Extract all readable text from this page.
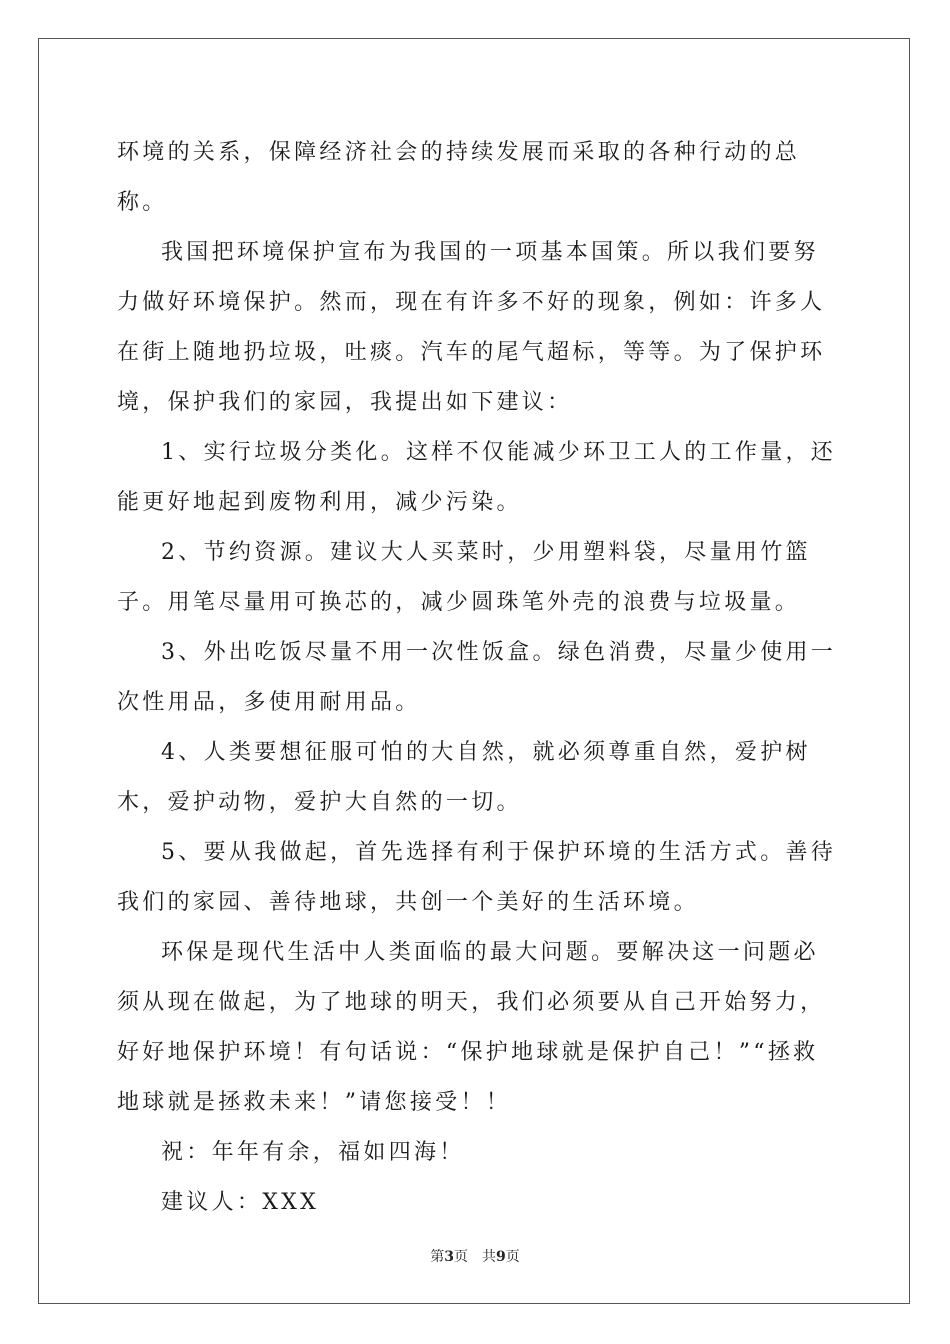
环境的关系，保障经济社会的持续发展而采取的各种行动的总称。

我国把环境保护宣布为我国的一项基本国策。所以我们要努力做好环境保护。然而，现在有许多不好的现象，例如：许多人在街上随地扔垃圾，吐痰。汽车的尾气超标，等等。为了保护环境，保护我们的家园，我提出如下建议：

1、实行垃圾分类化。这样不仅能减少环卫工人的工作量，还能更好地起到废物利用，减少污染。

2、节约资源。建议大人买菜时，少用塑料袋，尽量用竹篮子。用笔尽量用可换芯的，减少圆珠笔外壳的浪费与垃圾量。

3、外出吃饭尽量不用一次性饭盒。绿色消费，尽量少使用一次性用品，多使用耐用品。

4、人类要想征服可怕的大自然，就必须尊重自然，爱护树木，爱护动物，爱护大自然的一切。

5、要从我做起，首先选择有利于保护环境的生活方式。善待我们的家园、善待地球，共创一个美好的生活环境。

环保是现代生活中人类面临的最大问题。要解决这一问题必须从现在做起，为了地球的明天，我们必须要从自己开始努力，好好地保护环境！有句话说：“保护地球就是保护自己！”“拯救地球就是拯救未来！”请您接受！！

祝：年年有余，福如四海！

建议人：XXX

第3页 共9页
